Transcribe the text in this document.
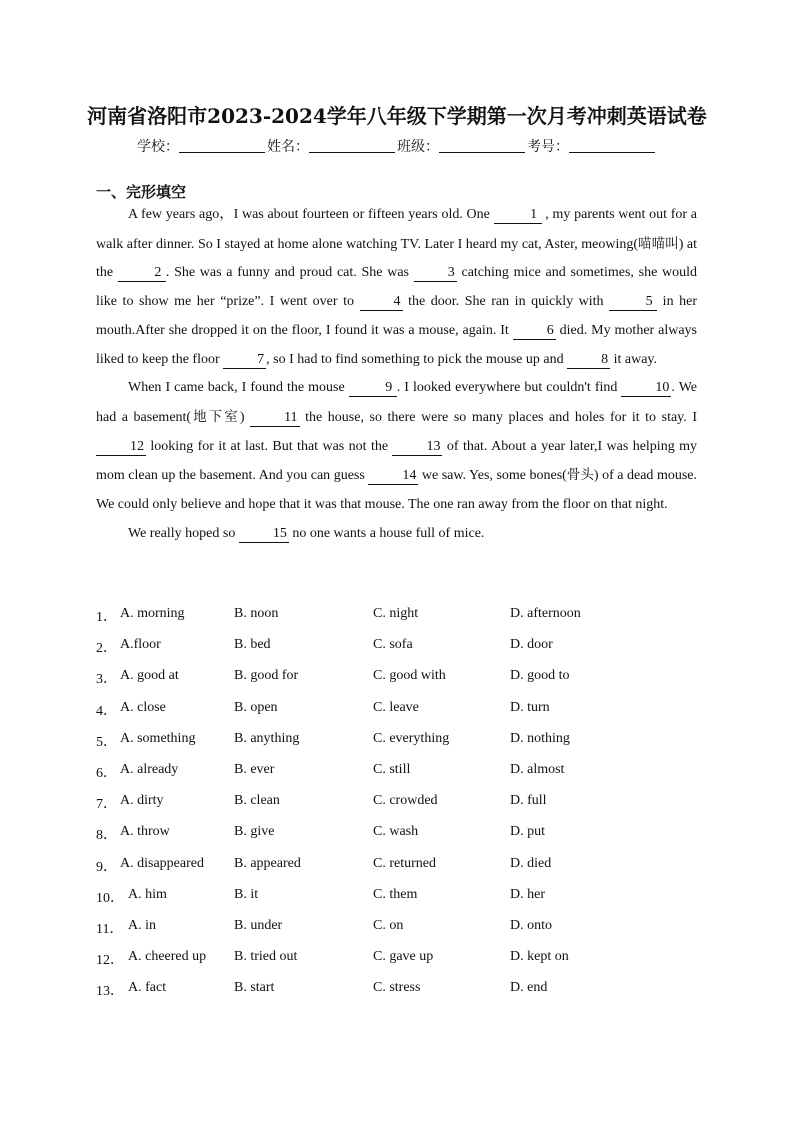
河南省洛阳市2023-2024学年八年级下学期第一次月考冲刺英语试卷
学校：	姓名：	班级：	考号：
一、完形填空

A few years ago，I was about fourteen or fifteen years old. One	1 , my parents went out for a walk after dinner. So I stayed at home alone watching TV. Later I heard my cat, Aster, meowing(喵喵叫) at the	2 . She was a funny and proud cat. She was 3 catching mice and sometimes, she would like to show me her “prize”. I went over to 4 the door. She ran in quickly with	5 in her mouth.After she dropped it on the floor, I found it was a mouse, again. It 6 died. My mother always liked to keep the floor 7 , so I had to find something to pick the mouse up and 8 it away.

When I came back, I found the mouse	9 . I looked everywhere but couldn't find 10 . We had a basement(地下室) 11 the house, so there were so many places and holes for it to stay. I 12 looking for it at last. But that was not the 13 of that. About a year later,I was helping my mom clean up the basement. And you can guess 14 we saw. Yes, some bones(骨头) of a dead mouse. We could only believe and hope that it was that mouse. The one ran away from the floor on that night.

We really hoped so 15 no one wants a house full of mice.

1． A. morning	B. noon	C. night	D. afternoon
2． A.floor	B. bed	C. sofa	D. door
3． A. good at	B. good for	C. good with	D. good to
4． A. close	B. open	C. leave	D. turn
5． A. something	B. anything	C. everything	D. nothing
6． A. already	B. ever	C. still	D. almost
7． A. dirty	B. clean	C. crowded	D. full
8． A. throw	B. give	C. wash	D. put
9． A. disappeared B. appeared	C. returned	D. died
10． A. him	B. it	C. them	D. her
11． A. in	B. under	C. on	D. onto
12． A. cheered up B. tried out	C. gave up	D. kept on
13． A. fact	B. start	C. stress	D. end
